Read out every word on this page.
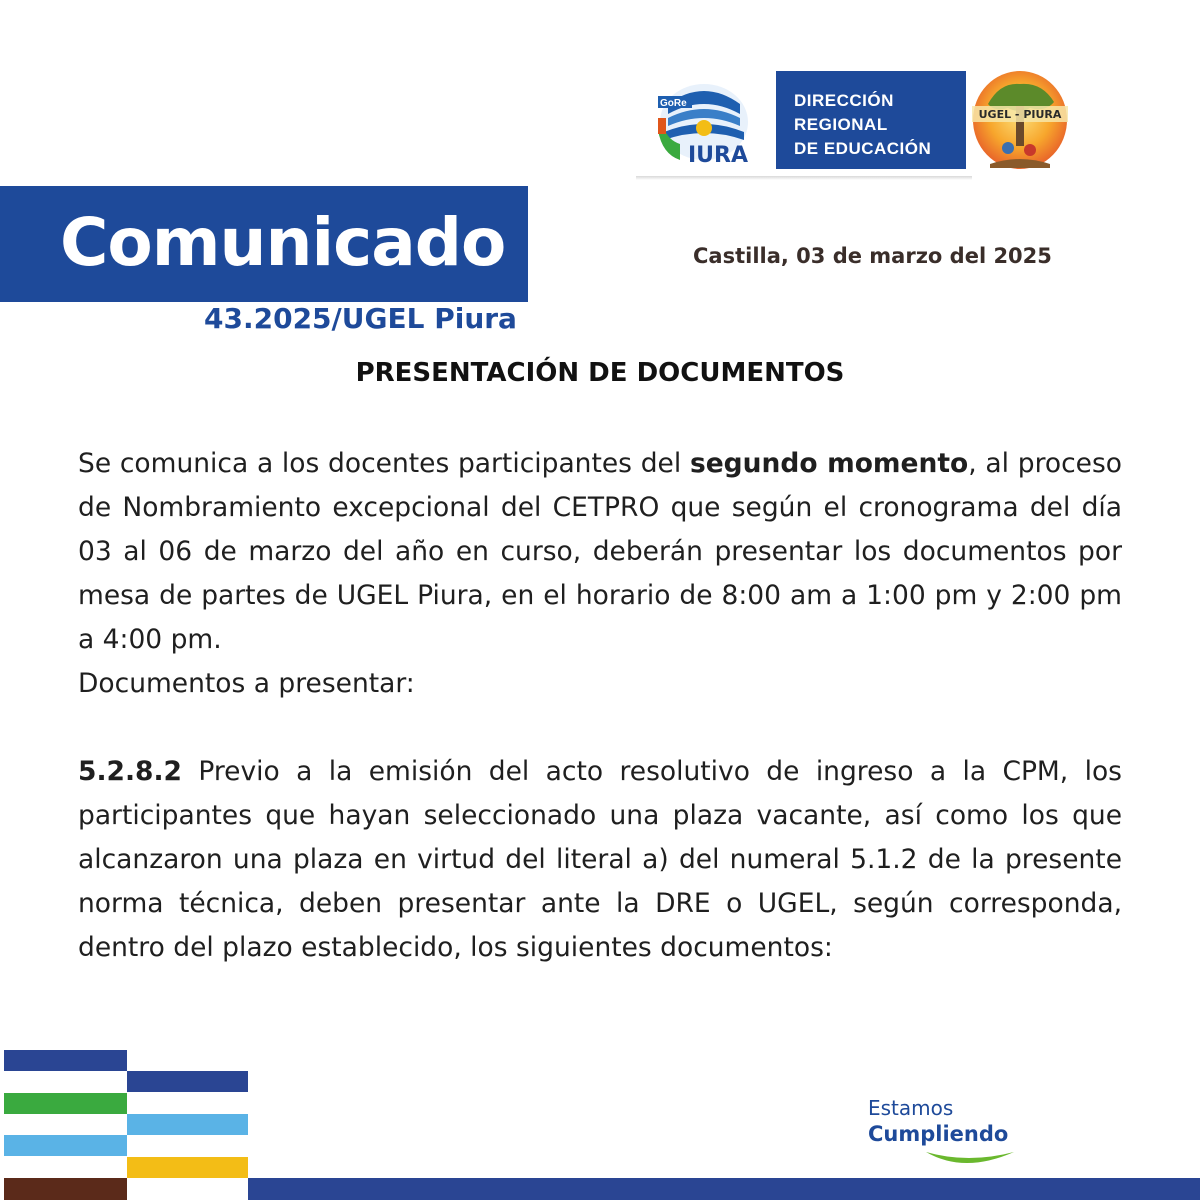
GoRe
IURA
DIRECCIÓN
REGIONAL
DE EDUCACIÓN
UGEL - PIURA
Comunicado
43.2025/UGEL Piura
Castilla, 03 de marzo del 2025
PRESENTACIÓN DE DOCUMENTOS
Se comunica a los docentes participantes del segundo momento, al proceso de Nombramiento excepcional del CETPRO que según el cronograma del día 03 al 06 de marzo del año en curso, deberán presentar los documentos por mesa de partes de UGEL Piura, en el horario de 8:00 am a 1:00 pm y 2:00 pm a 4:00 pm.
Documentos a presentar:
5.2.8.2 Previo a la emisión del acto resolutivo de ingreso a la CPM, los participantes que hayan seleccionado una plaza vacante, así como los que alcanzaron una plaza en virtud del literal a) del numeral 5.1.2 de la presente norma técnica, deben presentar ante la DRE o UGEL, según corresponda, dentro del plazo establecido, los siguientes documentos:
Estamos
Cumpliendo
